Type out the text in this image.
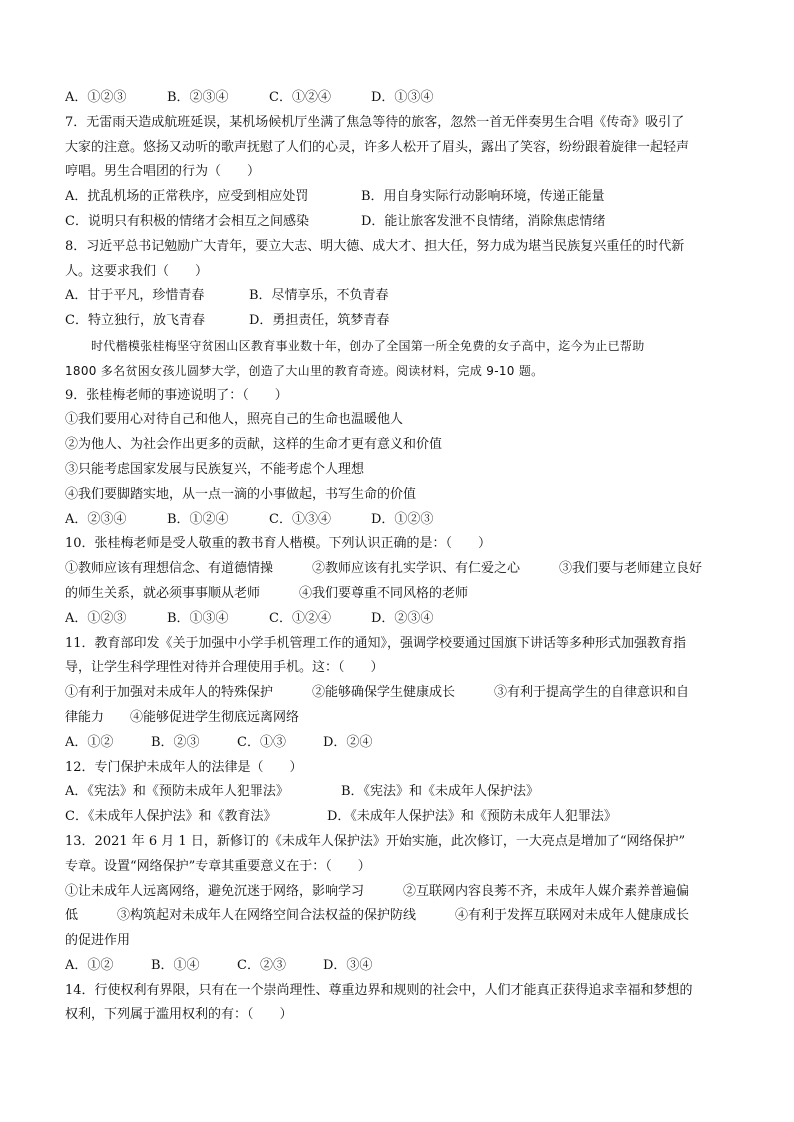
A．①②③	B．②③④	C．①②④	D．①③④
7．无雷雨天造成航班延误，某机场候机厅坐满了焦急等待的旅客，忽然一首无伴奏男生合唱《传奇》吸引了
大家的注意。悠扬又动听的歌声抚慰了人们的心灵，许多人松开了眉头，露出了笑容，纷纷跟着旋律一起轻声
哼唱。男生合唱团的行为（　　）
A．扰乱机场的正常秩序，应受到相应处罚	B．用自身实际行动影响环境，传递正能量
C．说明只有积极的情绪才会相互之间感染	D．能让旅客发泄不良情绪，消除焦虑情绪
8．习近平总书记勉励广大青年，要立大志、明大德、成大才、担大任，努力成为堪当民族复兴重任的时代新
人。这要求我们（　　）
A．甘于平凡，珍惜青春	B．尽情享乐，不负青春
C．特立独行，放飞青春	D．勇担责任，筑梦青春
时代楷模张桂梅坚守贫困山区教育事业数十年，创办了全国第一所全免费的女子高中，迄今为止已帮助
1800 多名贫困女孩儿圆梦大学，创造了大山里的教育奇迹。阅读材料，完成 9-10 题。
9．张桂梅老师的事迹说明了：（　　）
①我们要用心对待自己和他人，照亮自己的生命也温暖他人
②为他人、为社会作出更多的贡献，这样的生命才更有意义和价值
③只能考虑国家发展与民族复兴，不能考虑个人理想
④我们要脚踏实地，从一点一滴的小事做起，书写生命的价值
A．②③④	B．①②④	C．①③④	D．①②③
10．张桂梅老师是受人敬重的教书育人楷模。下列认识正确的是：（　　）
①教师应该有理想信念、有道德情操　　　②教师应该有扎实学识、有仁爱之心　　　③我们要与老师建立良好
的师生关系，就必须事事顺从老师　　　④我们要尊重不同风格的老师
A．①②③	B．①③④	C．①②④	D．②③④
11．教育部印发《关于加强中小学手机管理工作的通知》，强调学校要通过国旗下讲话等多种形式加强教育指
导，让学生科学理性对待并合理使用手机。这：（　　）
①有利于加强对未成年人的特殊保护　　　②能够确保学生健康成长　　　③有利于提高学生的自律意识和自
律能力　　④能够促进学生彻底远离网络
A．①②	B．②③	C．①③	D．②④
12．专门保护未成年人的法律是（　　）
A．《宪法》和《预防未成年人犯罪法》	B．《宪法》和《未成年人保护法》
C．《未成年人保护法》和《教育法》	D．《未成年人保护法》和《预防未成年人犯罪法》
13．2021 年 6 月 1 日，新修订的《未成年人保护法》开始实施，此次修订，一大亮点是增加了“网络保护”
专章。设置“网络保护”专章其重要意义在于：（　　）
①让未成年人远离网络，避免沉迷于网络，影响学习　　　②互联网内容良莠不齐，未成年人媒介素养普遍偏
低　　　③构筑起对未成年人在网络空间合法权益的保护防线　　　④有利于发挥互联网对未成年人健康成长
的促进作用
A．①②	B．①④	C．②③	D．③④
14．行使权利有界限，只有在一个崇尚理性、尊重边界和规则的社会中，人们才能真正获得追求幸福和梦想的
权利，下列属于滥用权利的有：（　　）
